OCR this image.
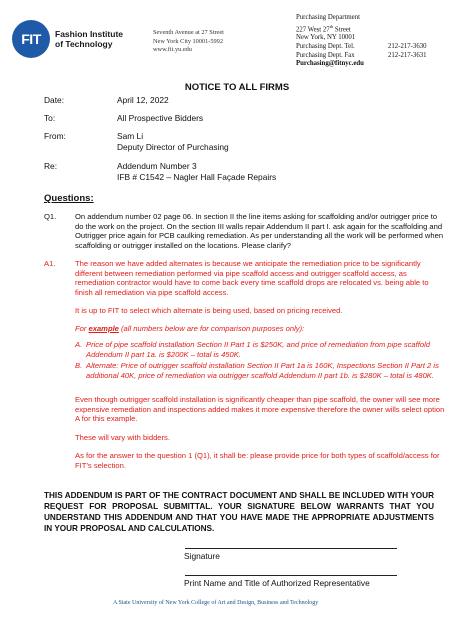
FIT	Fashion Institute
of Technology
Seventh Avenue at 27 Street
New York City 10001-5992
www.fit.yu.edu
Purchasing Department
227 West 27th Street
New York, NY 10001
Purchasing Dept. Tel.	212-217-3630
Purchasing Dept. Fax	212-217-3631
Purchasing@fitnyc.edu
NOTICE TO ALL FIRMS
Date:	April 12, 2022
To:	All Prospective Bidders
From:	Sam Li
Deputy Director of Purchasing
Re:	Addendum Number 3
IFB # C1542 – Nagler Hall Façade Repairs
Questions:
Q1. On addendum number 02 page 06. In section II the line items asking for scaffolding and/or outrigger price to do the work on the project. On the section III walls repair Addendum II part I. ask again for the scaffolding and Outrigger price again for PCB caulking remediation. As per understanding all the work will be performed when scaffolding or outrigger installed on the locations. Please clarify?
A1.	The reason we have added alternates is because we anticipate the remediation price to be significantly different between remediation performed via pipe scaffold access and outrigger scaffold access, as remediation contractor would have to come back every time scaffold drops are relocated vs. being able to finish all remediation via pipe scaffold access.
It is up to FIT to select which alternate is being used, based on pricing received.
For example (all numbers below are for comparison purposes only):
A. Price of pipe scaffold installation Section II Part 1 is $250K, and price of remediation from pipe scaffold Addendum II part 1a. is $200K – total is 450K.
B. Alternate: Price of outrigger scaffold installation Section II Part 1a is 160K, Inspections Section II Part 2 is additional 40K, price of remediation via outrigger scaffold Addendum II part 1b. is $280K – total is 480K.
Even though outrigger scaffold installation is significantly cheaper than pipe scaffold, the owner will see more expensive remediation and inspections added makes it more expensive therefore the owner wills select option A for this example.
These will vary with bidders.
As for the answer to the question 1 (Q1), it shall be: please provide price for both types of scaffold/access for FIT’s selection.
THIS ADDENDUM IS PART OF THE CONTRACT DOCUMENT AND SHALL BE INCLUDED WITH YOUR REQUEST FOR PROPOSAL SUBMITTAL. YOUR SIGNATURE BELOW WARRANTS THAT YOU UNDERSTAND THIS ADDENDUM AND THAT YOU HAVE MADE THE APPROPRIATE ADJUSTMENTS IN YOUR PROPOSAL AND CALCULATIONS.
Signature
Print Name and Title of Authorized Representative
A State University of New York College of Art and Design, Business and Technology
